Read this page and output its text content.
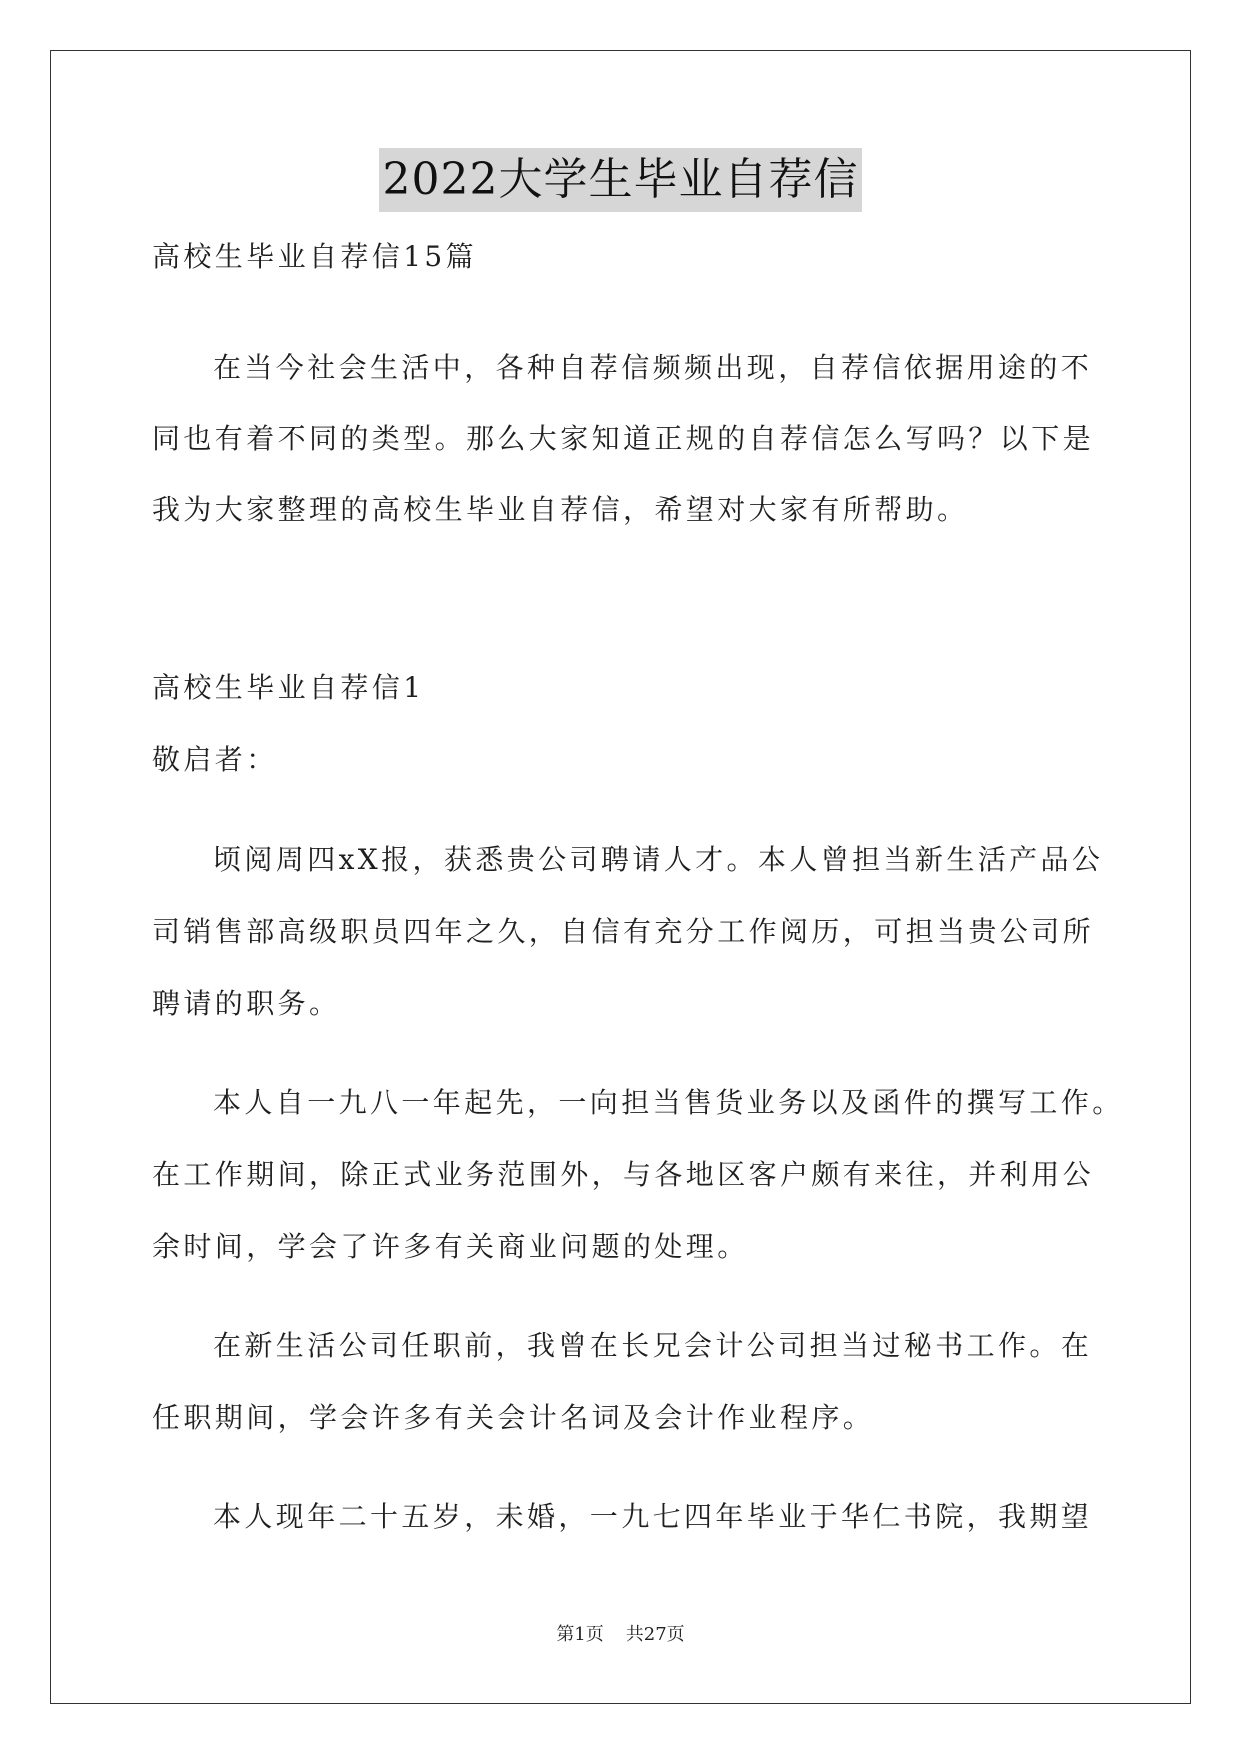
2022大学生毕业自荐信
高校生毕业自荐信15篇
在当今社会生活中，各种自荐信频频出现，自荐信依据用途的不
同也有着不同的类型。那么大家知道正规的自荐信怎么写吗？以下是
我为大家整理的高校生毕业自荐信，希望对大家有所帮助。
高校生毕业自荐信1
敬启者：
顷阅周四xX报，获悉贵公司聘请人才。本人曾担当新生活产品公
司销售部高级职员四年之久，自信有充分工作阅历，可担当贵公司所
聘请的职务。
本人自一九八一年起先，一向担当售货业务以及函件的撰写工作。
在工作期间，除正式业务范围外，与各地区客户颇有来往，并利用公
余时间，学会了许多有关商业问题的处理。
在新生活公司任职前，我曾在长兄会计公司担当过秘书工作。在
任职期间，学会许多有关会计名词及会计作业程序。
本人现年二十五岁，未婚，一九七四年毕业于华仁书院，我期望
第1页 共27页
